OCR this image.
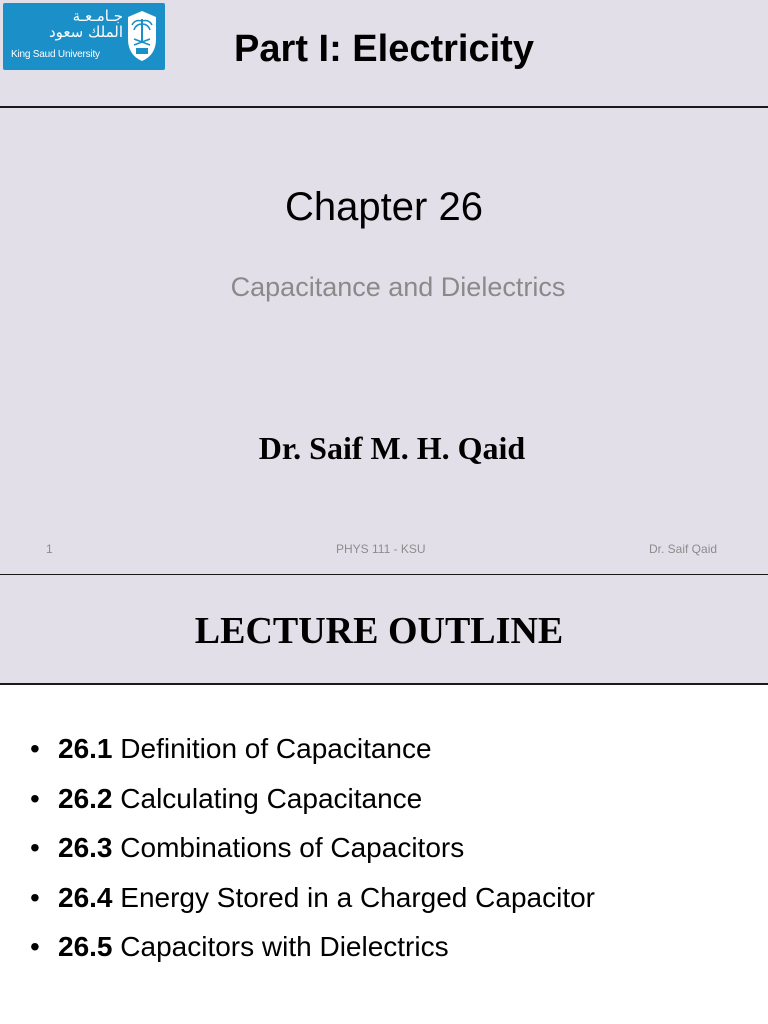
جـامـعـة
الملك سعود
King Saud University	Part I: Electricity
Chapter 26
Capacitance and Dielectrics
Dr. Saif M. H. Qaid
1	PHYS 111 - KSU	Dr. Saif Qaid
LECTURE OUTLINE
• 26.1 Definition of Capacitance
• 26.2 Calculating Capacitance
• 26.3 Combinations of Capacitors
• 26.4 Energy Stored in a Charged Capacitor
• 26.5 Capacitors with Dielectrics
